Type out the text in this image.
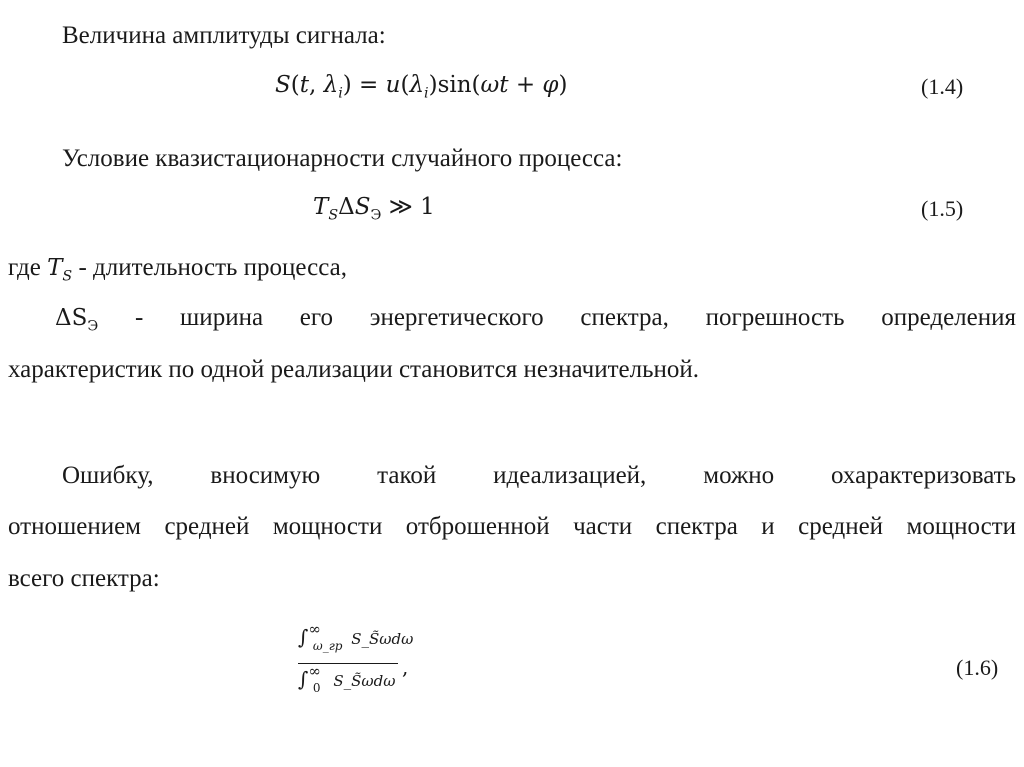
Величина амплитуды сигнала:
S(t, $\lambda_i) = u(\lambda_i)\sin(\omega t + \varphi)$	(1.4)
Условие квазистационарности случайного процесса:
$T_S\Delta S_Э$ ≫ 1	(1.5)
где $T_S$ - длительность процесса,
$\Delta S_Э$ - ширина его энергетического спектра, погрешность определения
характеристик по одной реализации становится незначительной.
Ошибку, вносимую такой идеализацией, можно охарактеризовать
отношением средней мощности отброшенной части спектра и средней мощности
всего спектра:
$\int\infty_{\omega\_гр}$ S_S̃ωdω
$\int\infty_0$ S_S̃ωdω
,	(1.6)
